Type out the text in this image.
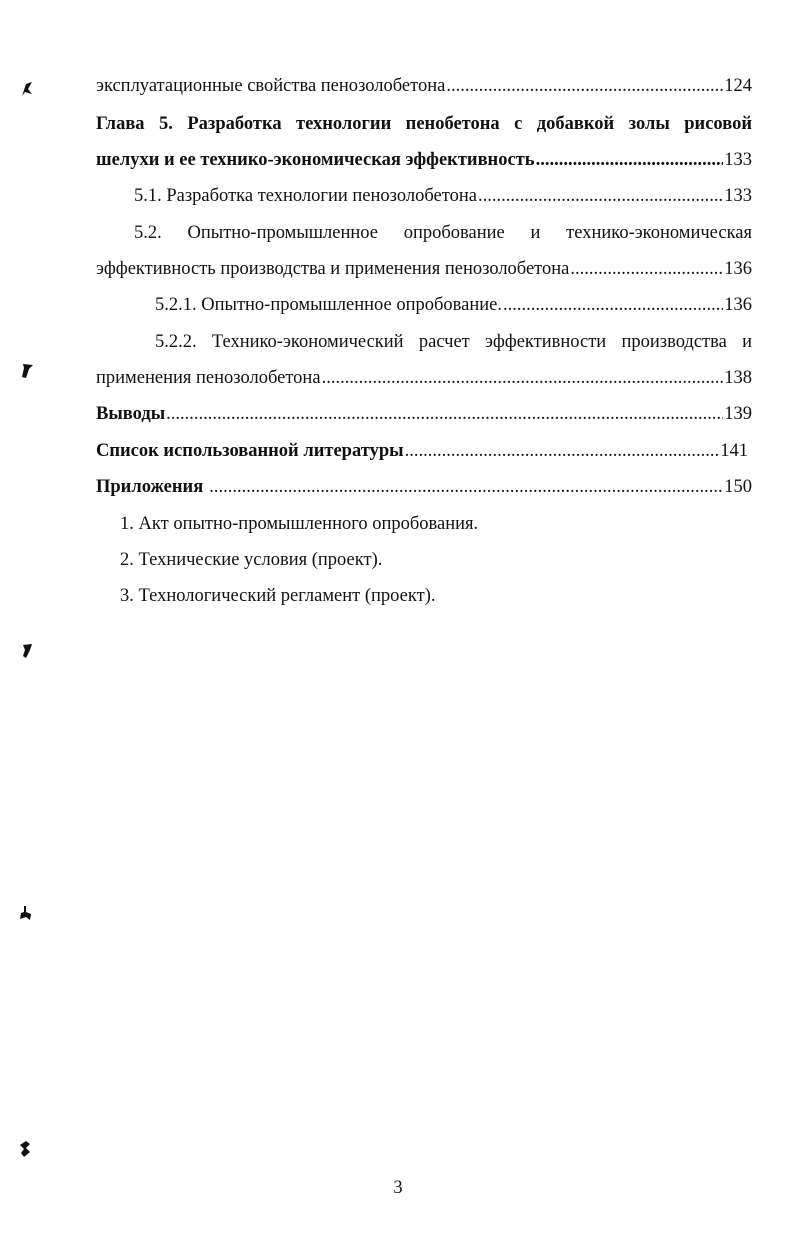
эксплуатационные свойства пенозолобетона .....	124
Глава 5. Разработка технологии пенобетона с добавкой золы рисовой
шелухи и ее технико-экономическая эффективность .....	133
5.1. Разработка технологии пенозолобетона .....	133
5.2. Опытно-промышленное опробование и технико-экономическая
эффективность производства и применения пенозолобетона .....	136
5.2.1. Опытно-промышленное опробование. .....	136
5.2.2. Технико-экономический расчет эффективности производства и
применения пенозолобетона .....	138
Выводы .....	139
Список использованной литературы .....	141
Приложения .....	150
1. Акт опытно-промышленного опробования.
2. Технические условия (проект).
3. Технологический регламент (проект).
3
